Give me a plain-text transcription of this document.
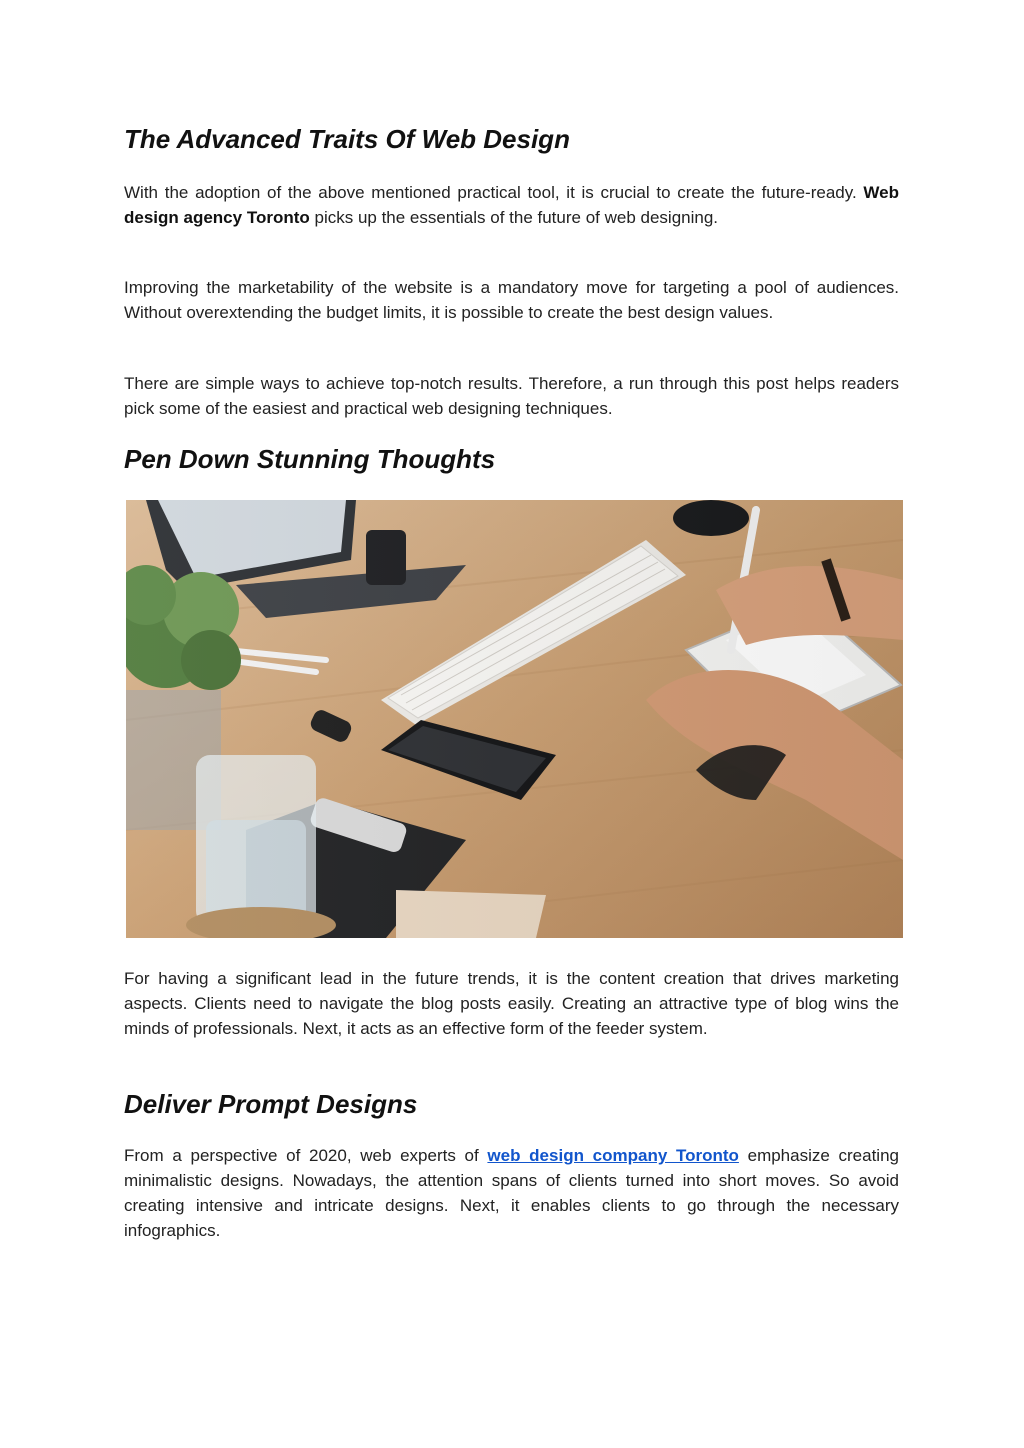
The Advanced Traits Of Web Design

With the adoption of the above mentioned practical tool, it is crucial to create the future-ready. Web design agency Toronto picks up the essentials of the future of web designing.

Improving the marketability of the website is a mandatory move for targeting a pool of audiences. Without overextending the budget limits, it is possible to create the best design values.

There are simple ways to achieve top-notch results. Therefore, a run through this post helps readers pick some of the easiest and practical web designing techniques.

Pen Down Stunning Thoughts

For having a significant lead in the future trends, it is the content creation that drives marketing aspects. Clients need to navigate the blog posts easily. Creating an attractive type of blog wins the minds of professionals. Next, it acts as an effective form of the feeder system.

Deliver Prompt Designs

From a perspective of 2020, web experts of web design company Toronto emphasize creating minimalistic designs. Nowadays, the attention spans of clients turned into short moves. So avoid creating intensive and intricate designs. Next, it enables clients to go through the necessary infographics.
